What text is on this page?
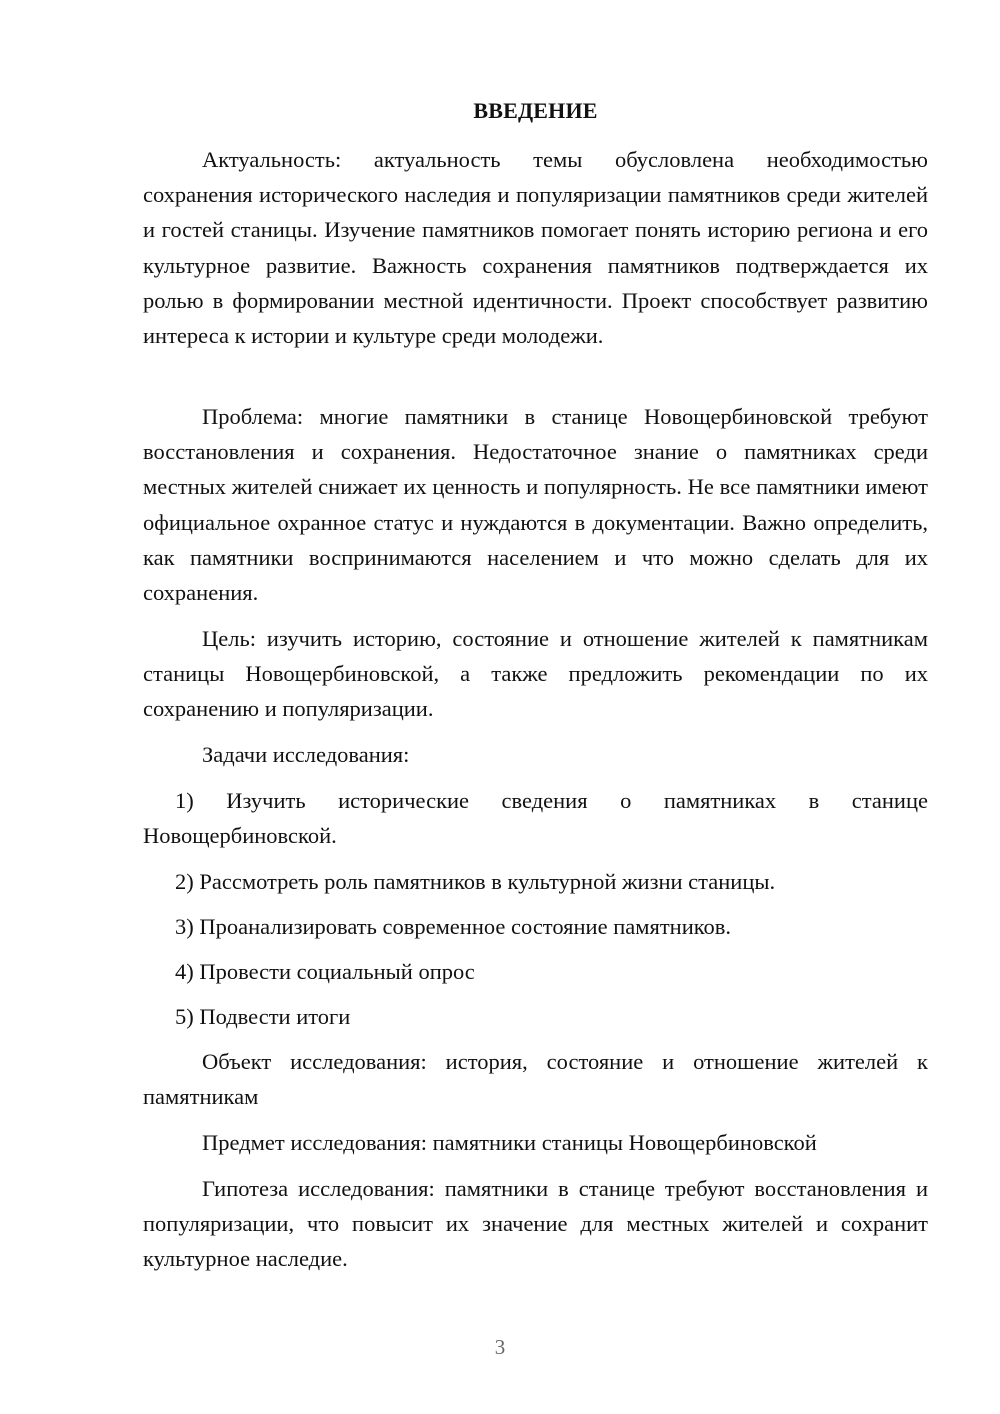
ВВЕДЕНИЕ

Актуальность: актуальность темы обусловлена необходимостью сохранения исторического наследия и популяризации памятников среди жителей и гостей станицы. Изучение памятников помогает понять историю региона и его культурное развитие. Важность сохранения памятников подтверждается их ролью в формировании местной идентичности. Проект способствует развитию интереса к истории и культуре среди молодежи.

Проблема: многие памятники в станице Новощербиновской требуют восстановления и сохранения. Недостаточное знание о памятниках среди местных жителей снижает их ценность и популярность. Не все памятники имеют официальное охранное статус и нуждаются в документации. Важно определить, как памятники воспринимаются населением и что можно сделать для их сохранения.

Цель: изучить историю, состояние и отношение жителей к памятникам станицы Новощербиновской, а также предложить рекомендации по их сохранению и популяризации.

Задачи исследования:

1) Изучить исторические сведения о памятниках в станице Новощербиновской.

2) Рассмотреть роль памятников в культурной жизни станицы.

3) Проанализировать современное состояние памятников.

4) Провести социальный опрос

5) Подвести итоги

Объект исследования: история, состояние и отношение жителей к памятникам

Предмет исследования: памятники станицы Новощербиновской

Гипотеза исследования: памятники в станице требуют восстановления и популяризации, что повысит их значение для местных жителей и сохранит культурное наследие.

3
